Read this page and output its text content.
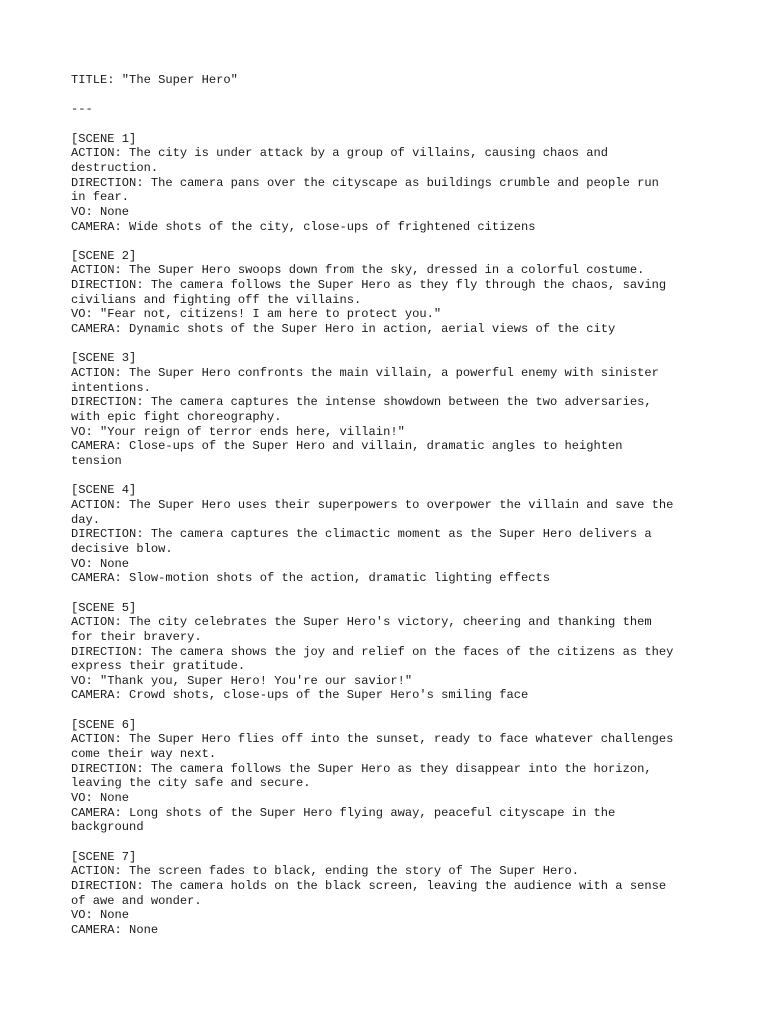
TITLE: "The Super Hero"

---

[SCENE 1]

ACTION: The city is under attack by a group of villains, causing chaos and

destruction.

DIRECTION: The camera pans over the cityscape as buildings crumble and people run

in fear.

VO: None

CAMERA: Wide shots of the city, close-ups of frightened citizens

[SCENE 2]

ACTION: The Super Hero swoops down from the sky, dressed in a colorful costume.

DIRECTION: The camera follows the Super Hero as they fly through the chaos, saving

civilians and fighting off the villains.

VO: "Fear not, citizens! I am here to protect you."

CAMERA: Dynamic shots of the Super Hero in action, aerial views of the city

[SCENE 3]

ACTION: The Super Hero confronts the main villain, a powerful enemy with sinister

intentions.

DIRECTION: The camera captures the intense showdown between the two adversaries,

with epic fight choreography.

VO: "Your reign of terror ends here, villain!"

CAMERA: Close-ups of the Super Hero and villain, dramatic angles to heighten

tension

[SCENE 4]

ACTION: The Super Hero uses their superpowers to overpower the villain and save the

day.

DIRECTION: The camera captures the climactic moment as the Super Hero delivers a

decisive blow.

VO: None

CAMERA: Slow-motion shots of the action, dramatic lighting effects

[SCENE 5]

ACTION: The city celebrates the Super Hero's victory, cheering and thanking them

for their bravery.

DIRECTION: The camera shows the joy and relief on the faces of the citizens as they

express their gratitude.

VO: "Thank you, Super Hero! You're our savior!"

CAMERA: Crowd shots, close-ups of the Super Hero's smiling face

[SCENE 6]

ACTION: The Super Hero flies off into the sunset, ready to face whatever challenges

come their way next.

DIRECTION: The camera follows the Super Hero as they disappear into the horizon,

leaving the city safe and secure.

VO: None

CAMERA: Long shots of the Super Hero flying away, peaceful cityscape in the

background

[SCENE 7]

ACTION: The screen fades to black, ending the story of The Super Hero.

DIRECTION: The camera holds on the black screen, leaving the audience with a sense

of awe and wonder.

VO: None

CAMERA: None
